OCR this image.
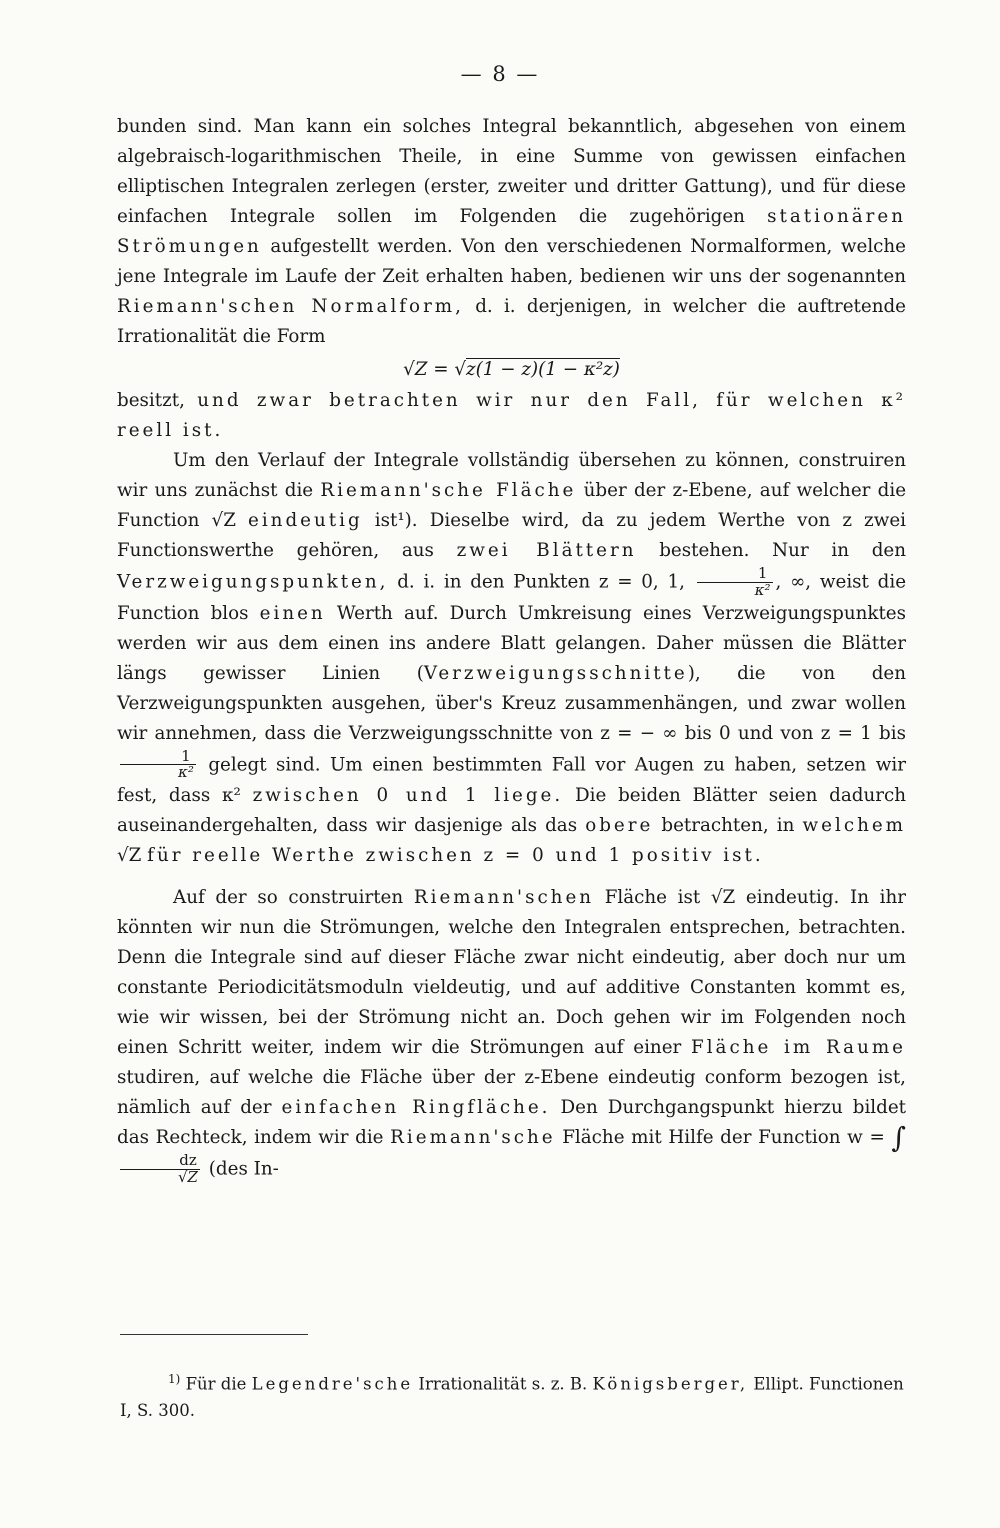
— 8 —

bunden sind. Man kann ein solches Integral bekanntlich, abgesehen von einem algebraisch-logarithmischen Theile, in eine Summe von gewissen einfachen elliptischen Integralen zerlegen (erster, zweiter und dritter Gattung), und für diese einfachen Integrale sollen im Folgenden die zugehörigen stationären Strömungen aufgestellt werden. Von den verschiedenen Normalformen, welche jene Integrale im Laufe der Zeit erhalten haben, bedienen wir uns der sogenannten Riemann'schen Normalform, d. i. derjenigen, in welcher die auftretende Irrationalität die Form
√Z = √z(1 − z)(1 − κ²z)
besitzt, und zwar betrachten wir nur den Fall, für welchen κ² reell ist.

Um den Verlauf der Integrale vollständig übersehen zu können, construiren wir uns zunächst die Riemann'sche Fläche über der z-Ebene, auf welcher die Function √Z eindeutig ist¹). Dieselbe wird, da zu jedem Werthe von z zwei Functionswerthe gehören, aus zwei Blättern bestehen. Nur in den Verzweigungspunkten, d. i. in den Punkten z = 0, 1, $\frac{1}{\text{κ²}}$ , ∞, weist die Function blos einen Werth auf. Durch Umkreisung eines Verzweigungspunktes werden wir aus dem einen ins andere Blatt gelangen. Daher müssen die Blätter längs gewisser Linien (Verzweigungsschnitte), die von den Verzweigungspunkten ausgehen, über's Kreuz zusammenhängen, und zwar wollen wir annehmen, dass die Verzweigungsschnitte von z = − ∞ bis 0 und von z = 1 bis
$\frac{1}{\text{κ²}}$ gelegt sind. Um einen bestimmten Fall vor Augen zu haben, setzen wir fest, dass κ² zwischen 0 und 1 liege. Die beiden Blätter seien dadurch auseinandergehalten, dass wir dasjenige als das obere betrachten, in welchem √Z für reelle Werthe zwischen z = 0 und 1 positiv ist.

Auf der so construirten Riemann'schen Fläche ist √Z eindeutig. In ihr könnten wir nun die Strömungen, welche den Integralen entsprechen, betrachten. Denn die Integrale sind auf dieser Fläche zwar nicht eindeutig, aber doch nur um constante Periodicitätsmoduln vieldeutig, und auf additive Constanten kommt es, wie wir wissen, bei der Strömung nicht an. Doch gehen wir im Folgenden noch einen Schritt weiter, indem wir die Strömungen auf einer Fläche im Raume studiren, auf welche die Fläche über der z-Ebene eindeutig conform bezogen ist, nämlich auf der einfachen Ringfläche. Den Durchgangspunkt hierzu bildet das Rechteck, indem wir die Riemann'sche Fläche mit Hilfe der Function w = ∫
$\frac{dz}{√Z} (des$ In-

$^{1)}$ Für die Legendre'sche Irrationalität s. z. B. Königsberger, Ellipt. Functionen I, S. 300.
